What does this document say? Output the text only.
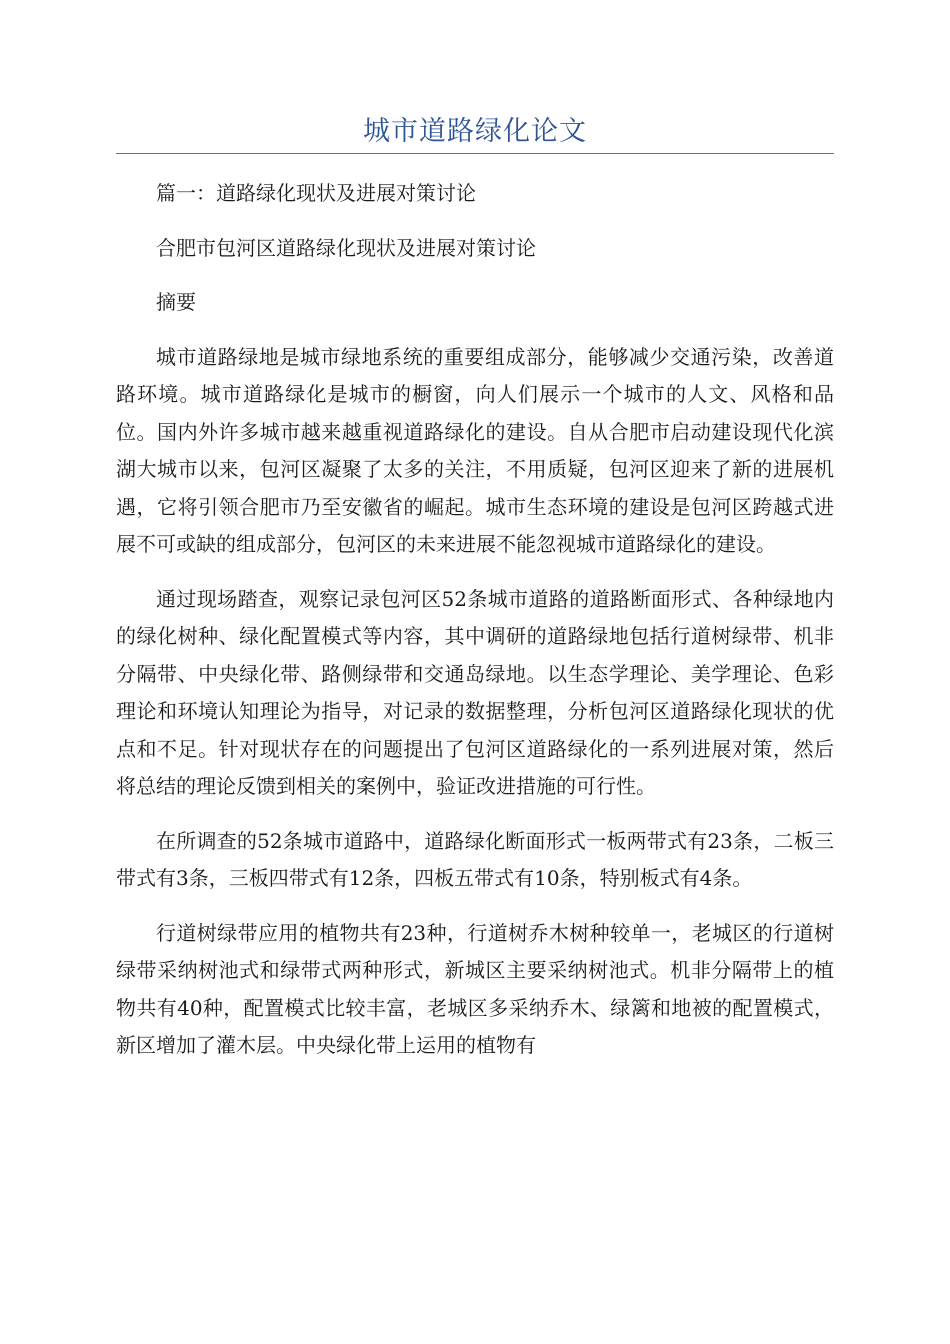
城市道路绿化论文

篇一：道路绿化现状及进展对策讨论

合肥市包河区道路绿化现状及进展对策讨论

摘要

城市道路绿地是城市绿地系统的重要组成部分，能够减少交通污染，改善道路环境。城市道路绿化是城市的橱窗，向人们展示一个城市的人文、风格和品位。国内外许多城市越来越重视道路绿化的建设。自从合肥市启动建设现代化滨湖大城市以来，包河区凝聚了太多的关注，不用质疑，包河区迎来了新的进展机遇，它将引领合肥市乃至安徽省的崛起。城市生态环境的建设是包河区跨越式进展不可或缺的组成部分，包河区的未来进展不能忽视城市道路绿化的建设。

通过现场踏查，观察记录包河区52条城市道路的道路断面形式、各种绿地内的绿化树种、绿化配置模式等内容，其中调研的道路绿地包括行道树绿带、机非分隔带、中央绿化带、路侧绿带和交通岛绿地。以生态学理论、美学理论、色彩理论和环境认知理论为指导，对记录的数据整理，分析包河区道路绿化现状的优点和不足。针对现状存在的问题提出了包河区道路绿化的一系列进展对策，然后将总结的理论反馈到相关的案例中，验证改进措施的可行性。

在所调查的52条城市道路中，道路绿化断面形式一板两带式有23条，二板三带式有3条，三板四带式有12条，四板五带式有10条，特别板式有4条。

行道树绿带应用的植物共有23种，行道树乔木树种较单一，老城区的行道树绿带采纳树池式和绿带式两种形式，新城区主要采纳树池式。机非分隔带上的植物共有40种，配置模式比较丰富，老城区多采纳乔木、绿篱和地被的配置模式，新区增加了灌木层。中央绿化带上运用的植物有
